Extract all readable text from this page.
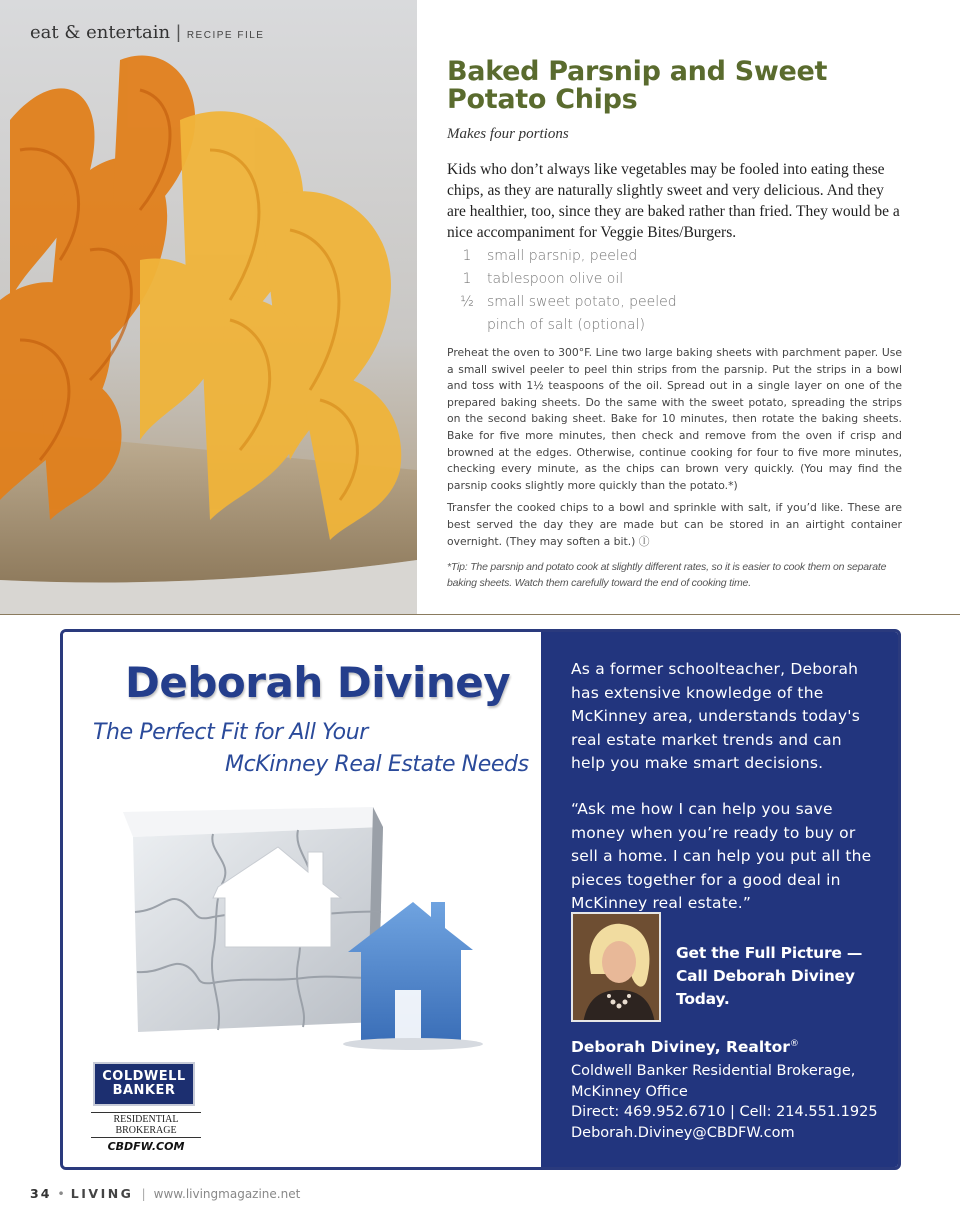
eat & entertain | RECIPE FILE
Baked Parsnip and Sweet Potato Chips
Makes four portions

Kids who don’t always like vegetables may be fooled into eating these chips, as they are naturally slightly sweet and very delicious. And they are healthier, too, since they are baked rather than fried. They would be a nice accompaniment for Veggie Bites/Burgers.

1	small parsnip, peeled
1	tablespoon olive oil
½ small sweet potato, peeled
pinch of salt (optional)

Preheat the oven to 300°F. Line two large baking sheets with parchment paper. Use a small swivel peeler to peel thin strips from the parsnip. Put the strips in a bowl and toss with 1½ teaspoons of the oil. Spread out in a single layer on one of the prepared baking sheets. Do the same with the sweet potato, spreading the strips on the second baking sheet. Bake for 10 minutes, then rotate the baking sheets. Bake for five more minutes, then check and remove from the oven if crisp and browned at the edges. Otherwise, continue cooking for four to five more minutes, checking every minute, as the chips can brown very quickly. (You may find the parsnip cooks slightly more quickly than the potato.*)

Transfer the cooked chips to a bowl and sprinkle with salt, if you’d like. These are best served the day they are made but can be stored in an airtight container overnight. (They may soften a bit.) ⓛ

*Tip: The parsnip and potato cook at slightly different rates, so it is easier to cook them on separate baking sheets. Watch them carefully toward the end of cooking time.

Deborah Diviney
The Perfect Fit for All Your
McKinney Real Estate Needs
COLDWELL
BANKER
RESIDENTIAL BROKERAGE
CBDFW.COM

As a former schoolteacher, Deborah has extensive knowledge of the McKinney area, understands today's real estate market trends and can help you make smart decisions.

“Ask me how I can help you save money when you’re ready to buy or sell a home. I can help you put all the pieces together for a good deal in McKinney real estate.”

Get the Full Picture —
Call Deborah Diviney Today.
Deborah Diviney, Realtor®
Coldwell Banker Residential Brokerage,
McKinney Office
Direct: 469.952.6710 | Cell: 214.551.1925
Deborah.Diviney@CBDFW.com
34 • LIVING | www.livingmagazine.net
